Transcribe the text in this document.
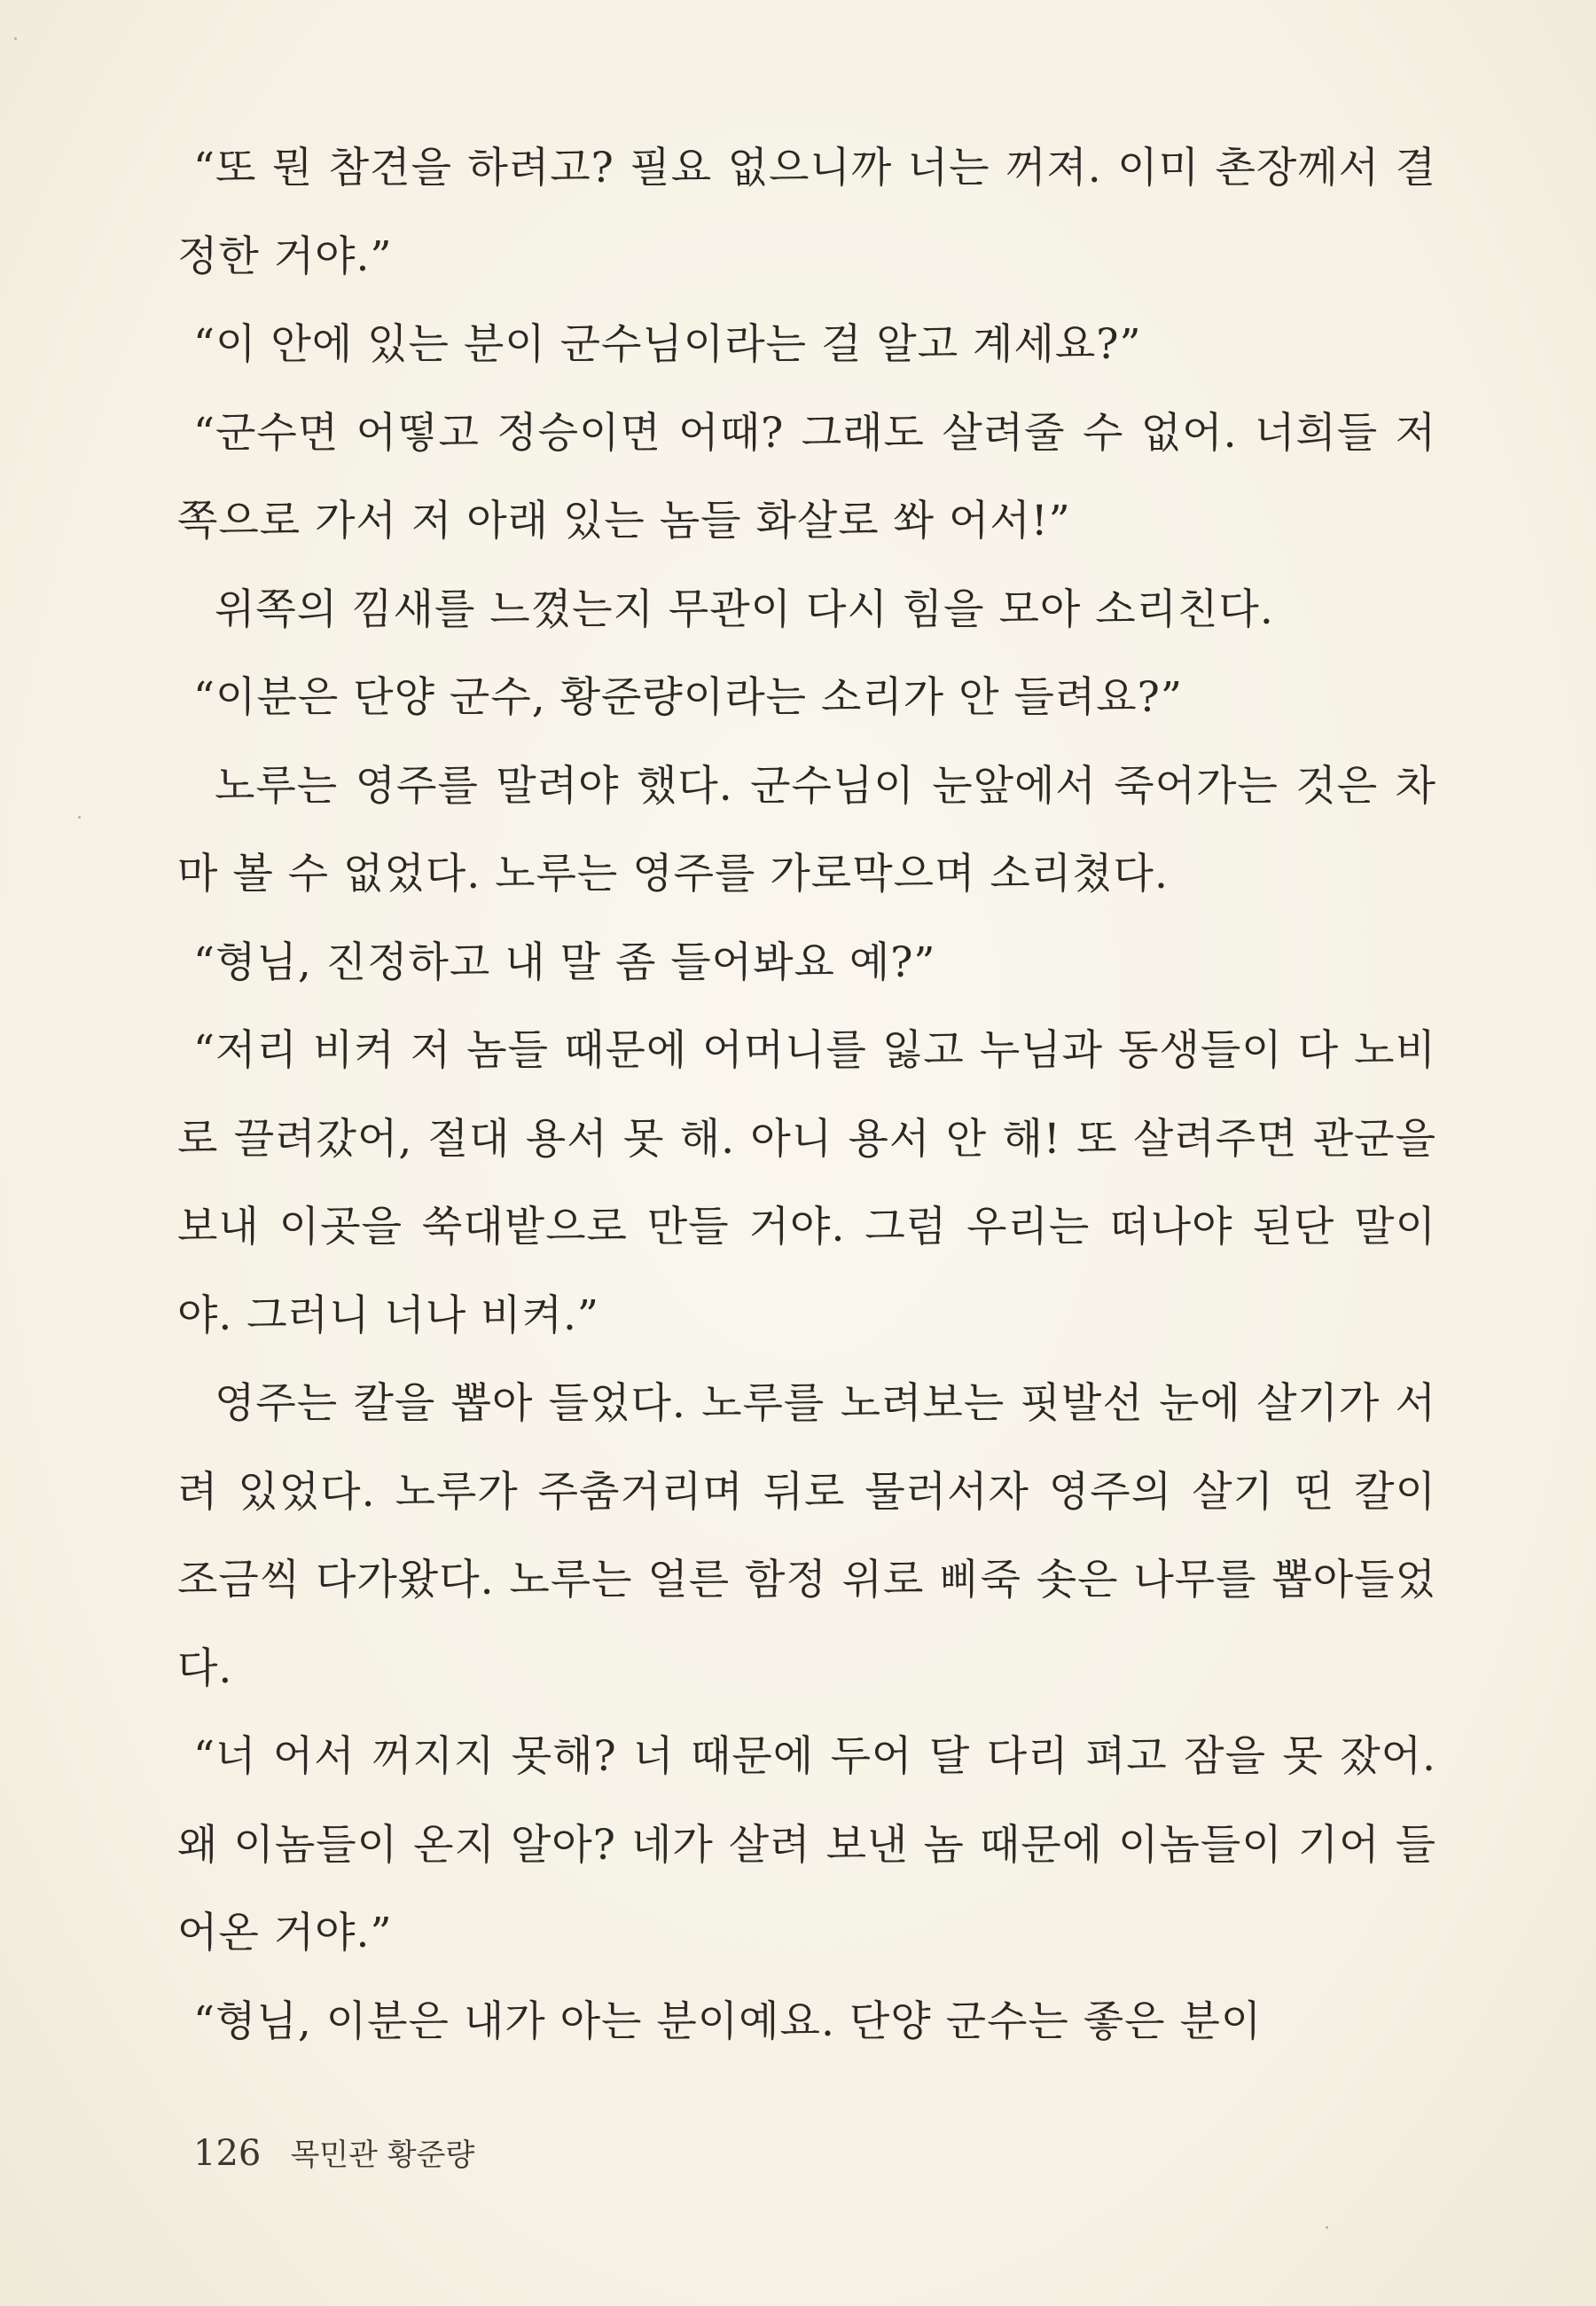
“또 뭔 참견을 하려고? 필요 없으니까 너는 꺼져. 이미 촌장께서 결정한 거야.”

“이 안에 있는 분이 군수님이라는 걸 알고 계세요?”

“군수면 어떻고 정승이면 어때? 그래도 살려줄 수 없어. 너희들 저쪽으로 가서 저 아래 있는 놈들 화살로 쏴 어서!”

위쪽의 낌새를 느꼈는지 무관이 다시 힘을 모아 소리친다.

“이분은 단양 군수, 황준량이라는 소리가 안 들려요?”

노루는 영주를 말려야 했다. 군수님이 눈앞에서 죽어가는 것은 차마 볼 수 없었다. 노루는 영주를 가로막으며 소리쳤다.

“형님, 진정하고 내 말 좀 들어봐요 예?”

“저리 비켜 저 놈들 때문에 어머니를 잃고 누님과 동생들이 다 노비로 끌려갔어, 절대 용서 못 해. 아니 용서 안 해! 또 살려주면 관군을 보내 이곳을 쑥대밭으로 만들 거야. 그럼 우리는 떠나야 된단 말이야. 그러니 너나 비켜.”

영주는 칼을 뽑아 들었다. 노루를 노려보는 핏발선 눈에 살기가 서려 있었다. 노루가 주춤거리며 뒤로 물러서자 영주의 살기 띤 칼이 조금씩 다가왔다. 노루는 얼른 함정 위로 삐죽 솟은 나무를 뽑아들었다.

“너 어서 꺼지지 못해? 너 때문에 두어 달 다리 펴고 잠을 못 잤어. 왜 이놈들이 온지 알아? 네가 살려 보낸 놈 때문에 이놈들이 기어 들어온 거야.”

“형님, 이분은 내가 아는 분이예요. 단양 군수는 좋은 분이

126 목민관 황준량
